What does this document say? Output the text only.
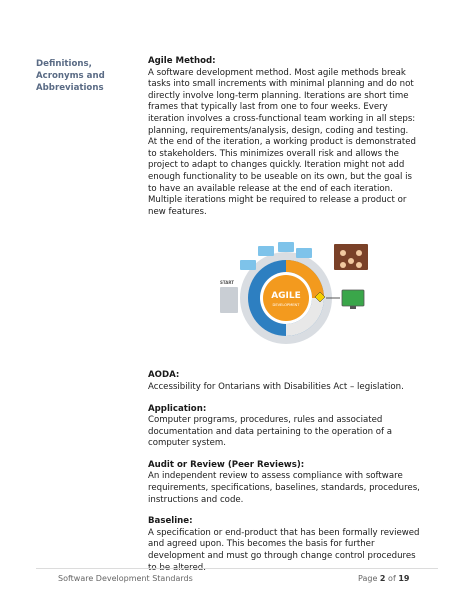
Definitions, Acronyms and Abbreviations

Agile Method:

A software development method. Most agile methods break tasks into small increments with minimal planning and do not directly involve long-term planning. Iterations are short time frames that typically last from one to four weeks. Every iteration involves a cross-functional team working in all steps: planning, requirements/analysis, design, coding and testing. At the end of the iteration, a working product is demonstrated to stakeholders. This minimizes overall risk and allows the project to adapt to changes quickly. Iteration might not add enough functionality to be useable on its own, but the goal is to have an available release at the end of each iteration. Multiple iterations might be required to release a product or new features.

AGILE
DEVELOPMENT
START

AODA:

Accessibility for Ontarians with Disabilities Act – legislation.

Application:

Computer programs, procedures, rules and associated documentation and data pertaining to the operation of a computer system.

Audit or Review (Peer Reviews):

An independent review to assess compliance with software requirements, specifications, baselines, standards, procedures, instructions and code.

Baseline:

A specification or end-product that has been formally reviewed and agreed upon. This becomes the basis for further development and must go through change control procedures to be altered.

Software Development Standards	Page 2 of 19
